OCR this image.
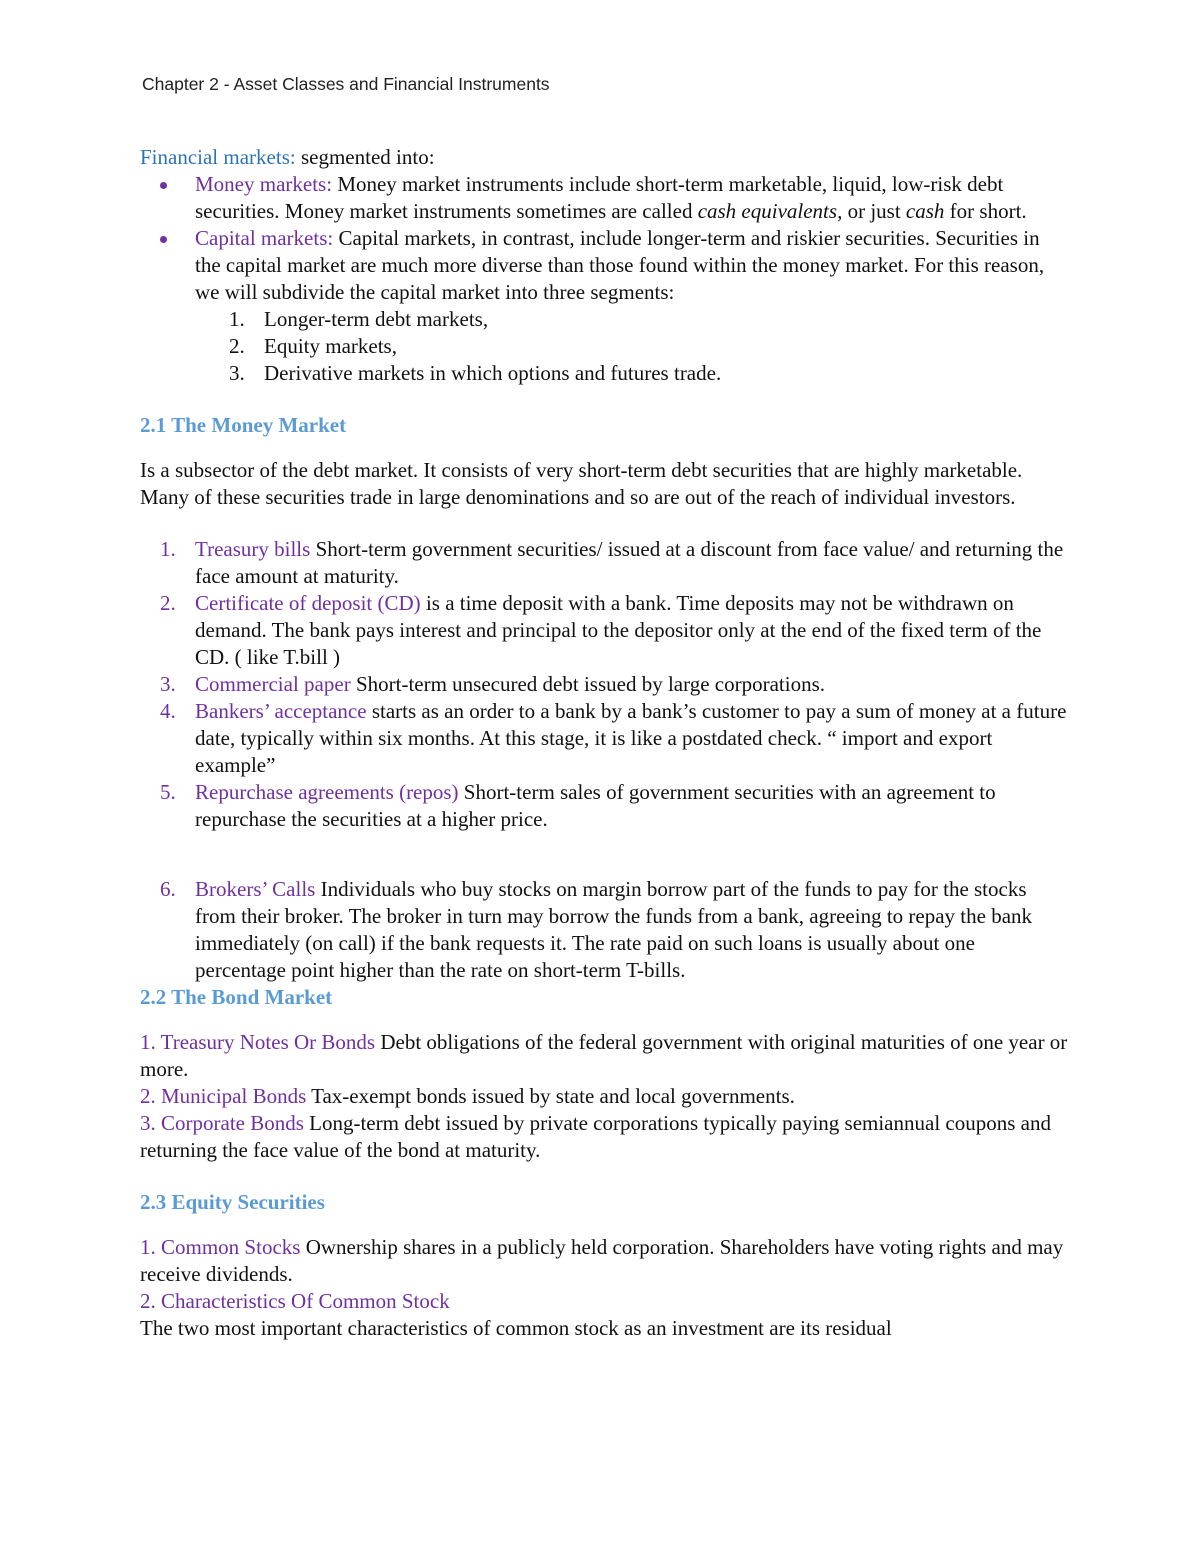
Chapter 2 - Asset Classes and Financial Instruments

Financial markets: segmented into:

Money markets: Money market instruments include short-term marketable, liquid, low-risk debt securities. Money market instruments sometimes are called cash equivalents, or just cash for short.
Capital markets: Capital markets, in contrast, include longer-term and riskier securities. Securities in the capital market are much more diverse than those found within the money market. For this reason, we will subdivide the capital market into three segments:
1. Longer-term debt markets,
2. Equity markets,
3. Derivative markets in which options and futures trade.

2.1 The Money Market

Is a subsector of the debt market. It consists of very short-term debt securities that are highly marketable. Many of these securities trade in large denominations and so are out of the reach of individual investors.

1. Treasury bills Short-term government securities/ issued at a discount from face value/ and returning the face amount at maturity.
2. Certificate of deposit (CD) is a time deposit with a bank. Time deposits may not be withdrawn on demand. The bank pays interest and principal to the depositor only at the end of the fixed term of the CD. ( like T.bill )
3. Commercial paper Short-term unsecured debt issued by large corporations.
4. Bankers’ acceptance starts as an order to a bank by a bank’s customer to pay a sum of money at a future date, typically within six months. At this stage, it is like a postdated check. “ import and export example”
5. Repurchase agreements (repos) Short-term sales of government securities with an agreement to repurchase the securities at a higher price.
6. Brokers’ Calls Individuals who buy stocks on margin borrow part of the funds to pay for the stocks from their broker. The broker in turn may borrow the funds from a bank, agreeing to repay the bank immediately (on call) if the bank requests it. The rate paid on such loans is usually about one percentage point higher than the rate on short-term T-bills.

2.2 The Bond Market

1. Treasury Notes Or Bonds Debt obligations of the federal government with original maturities of one year or more.

2. Municipal Bonds Tax-exempt bonds issued by state and local governments.

3. Corporate Bonds Long-term debt issued by private corporations typically paying semiannual coupons and returning the face value of the bond at maturity.

2.3 Equity Securities

1. Common Stocks Ownership shares in a publicly held corporation. Shareholders have voting rights and may receive dividends.

2. Characteristics Of Common Stock

The two most important characteristics of common stock as an investment are its residual
